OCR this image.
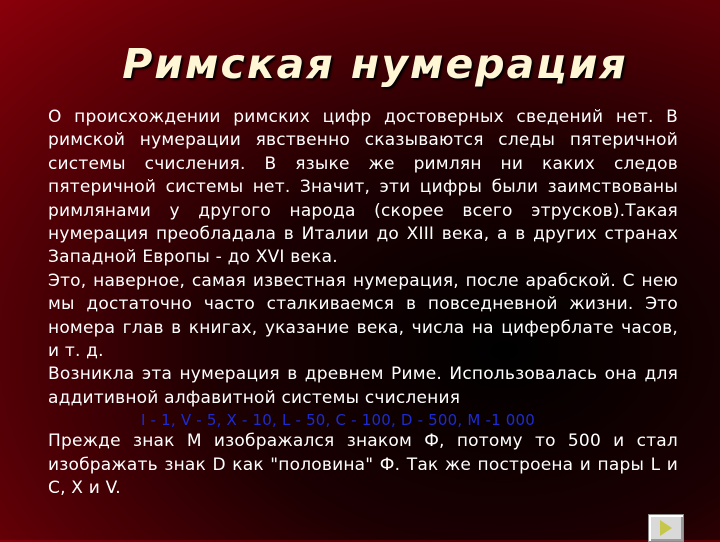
Римская нумерация

О происхождении римских цифр достоверных сведений нет. В римской нумерации явственно сказываются следы пятеричной системы счисления. В языке же римлян ни каких следов пятеричной системы нет. Значит, эти цифры были заимствованы римлянами у другого народа (скорее всего этрусков).Такая нумерация преобладала в Италии до XIII века, а в других странах Западной Европы - до XVI века.

Это, наверное, самая известная нумерация, после арабской. С нею мы достаточно часто сталкиваемся в повседневной жизни. Это номера глав в книгах, указание века, числа на циферблате часов, и т. д.

Возникла эта нумерация в древнем Риме. Использовалась она для аддитивной алфавитной системы счисления

I - 1, V - 5, X - 10, L - 50, C - 100, D - 500, M -1 000

Прежде знак M изображался знаком Ф, потому то 500 и стал изображать знак D как "половина" Ф. Так же построена и пары L и C, X и V.
